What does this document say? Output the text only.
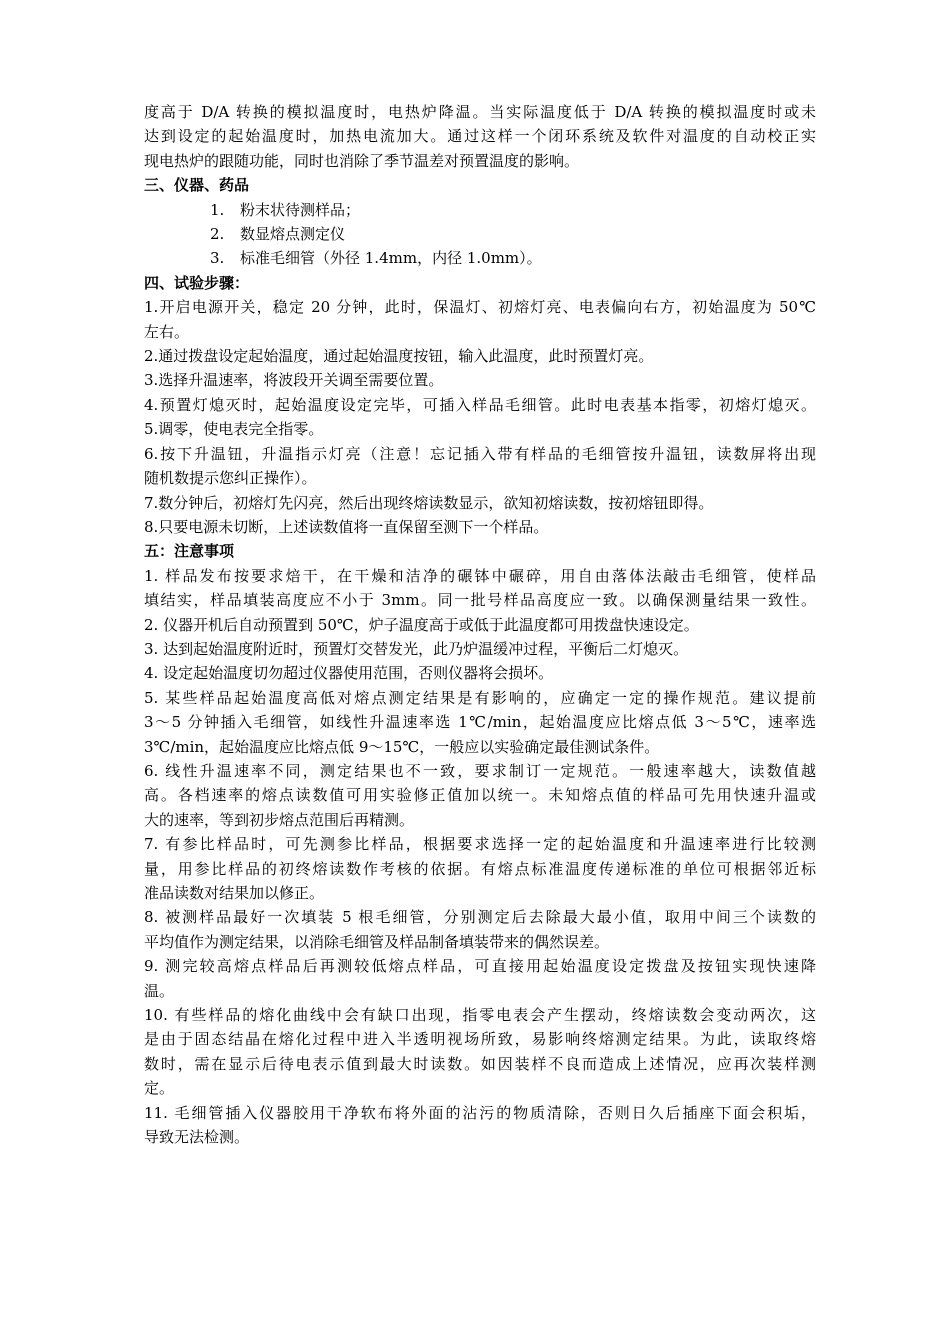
度高于 D/A 转换的模拟温度时，电热炉降温。当实际温度低于 D/A 转换的模拟温度时或未
达到设定的起始温度时，加热电流加大。通过这样一个闭环系统及软件对温度的自动校正实
现电热炉的跟随功能，同时也消除了季节温差对预置温度的影响。
三、仪器、药品
1. 粉末状待测样品；
2. 数显熔点测定仪
3. 标准毛细管（外径 1.4mm，内径 1.0mm）。
四、试验步骤：
1.开启电源开关，稳定 20 分钟，此时，保温灯、初熔灯亮、电表偏向右方，初始温度为 50℃
左右。
2.通过拨盘设定起始温度，通过起始温度按钮，输入此温度，此时预置灯亮。
3.选择升温速率，将波段开关调至需要位置。
4.预置灯熄灭时，起始温度设定完毕，可插入样品毛细管。此时电表基本指零，初熔灯熄灭。
5.调零，使电表完全指零。
6.按下升温钮，升温指示灯亮（注意！忘记插入带有样品的毛细管按升温钮，读数屏将出现
随机数提示您纠正操作）。
7.数分钟后，初熔灯先闪亮，然后出现终熔读数显示，欲知初熔读数，按初熔钮即得。
8.只要电源未切断，上述读数值将一直保留至测下一个样品。
五：注意事项
1. 样品发布按要求焙干，在干燥和洁净的碾钵中碾碎，用自由落体法敲击毛细管，使样品
填结实，样品填装高度应不小于 3mm。同一批号样品高度应一致。以确保测量结果一致性。
2. 仪器开机后自动预置到 50℃，炉子温度高于或低于此温度都可用拨盘快速设定。
3. 达到起始温度附近时，预置灯交替发光，此乃炉温缓冲过程，平衡后二灯熄灭。
4. 设定起始温度切勿超过仪器使用范围，否则仪器将会损坏。
5. 某些样品起始温度高低对熔点测定结果是有影响的，应确定一定的操作规范。建议提前
3～5 分钟插入毛细管，如线性升温速率选 1℃/min，起始温度应比熔点低 3～5℃，速率选
3℃/min，起始温度应比熔点低 9～15℃，一般应以实验确定最佳测试条件。
6. 线性升温速率不同，测定结果也不一致，要求制订一定规范。一般速率越大，读数值越
高。各档速率的熔点读数值可用实验修正值加以统一。未知熔点值的样品可先用快速升温或
大的速率，等到初步熔点范围后再精测。
7. 有参比样品时，可先测参比样品，根据要求选择一定的起始温度和升温速率进行比较测
量，用参比样品的初终熔读数作考核的依据。有熔点标准温度传递标准的单位可根据邻近标
准品读数对结果加以修正。
8. 被测样品最好一次填装 5 根毛细管，分别测定后去除最大最小值，取用中间三个读数的
平均值作为测定结果，以消除毛细管及样品制备填装带来的偶然误差。
9. 测完较高熔点样品后再测较低熔点样品，可直接用起始温度设定拨盘及按钮实现快速降
温。
10. 有些样品的熔化曲线中会有缺口出现，指零电表会产生摆动，终熔读数会变动两次，这
是由于固态结晶在熔化过程中进入半透明视场所致，易影响终熔测定结果。为此，读取终熔
数时，需在显示后待电表示值到最大时读数。如因装样不良而造成上述情况，应再次装样测
定。
11. 毛细管插入仪器胶用干净软布将外面的沾污的物质清除，否则日久后插座下面会积垢，
导致无法检测。
